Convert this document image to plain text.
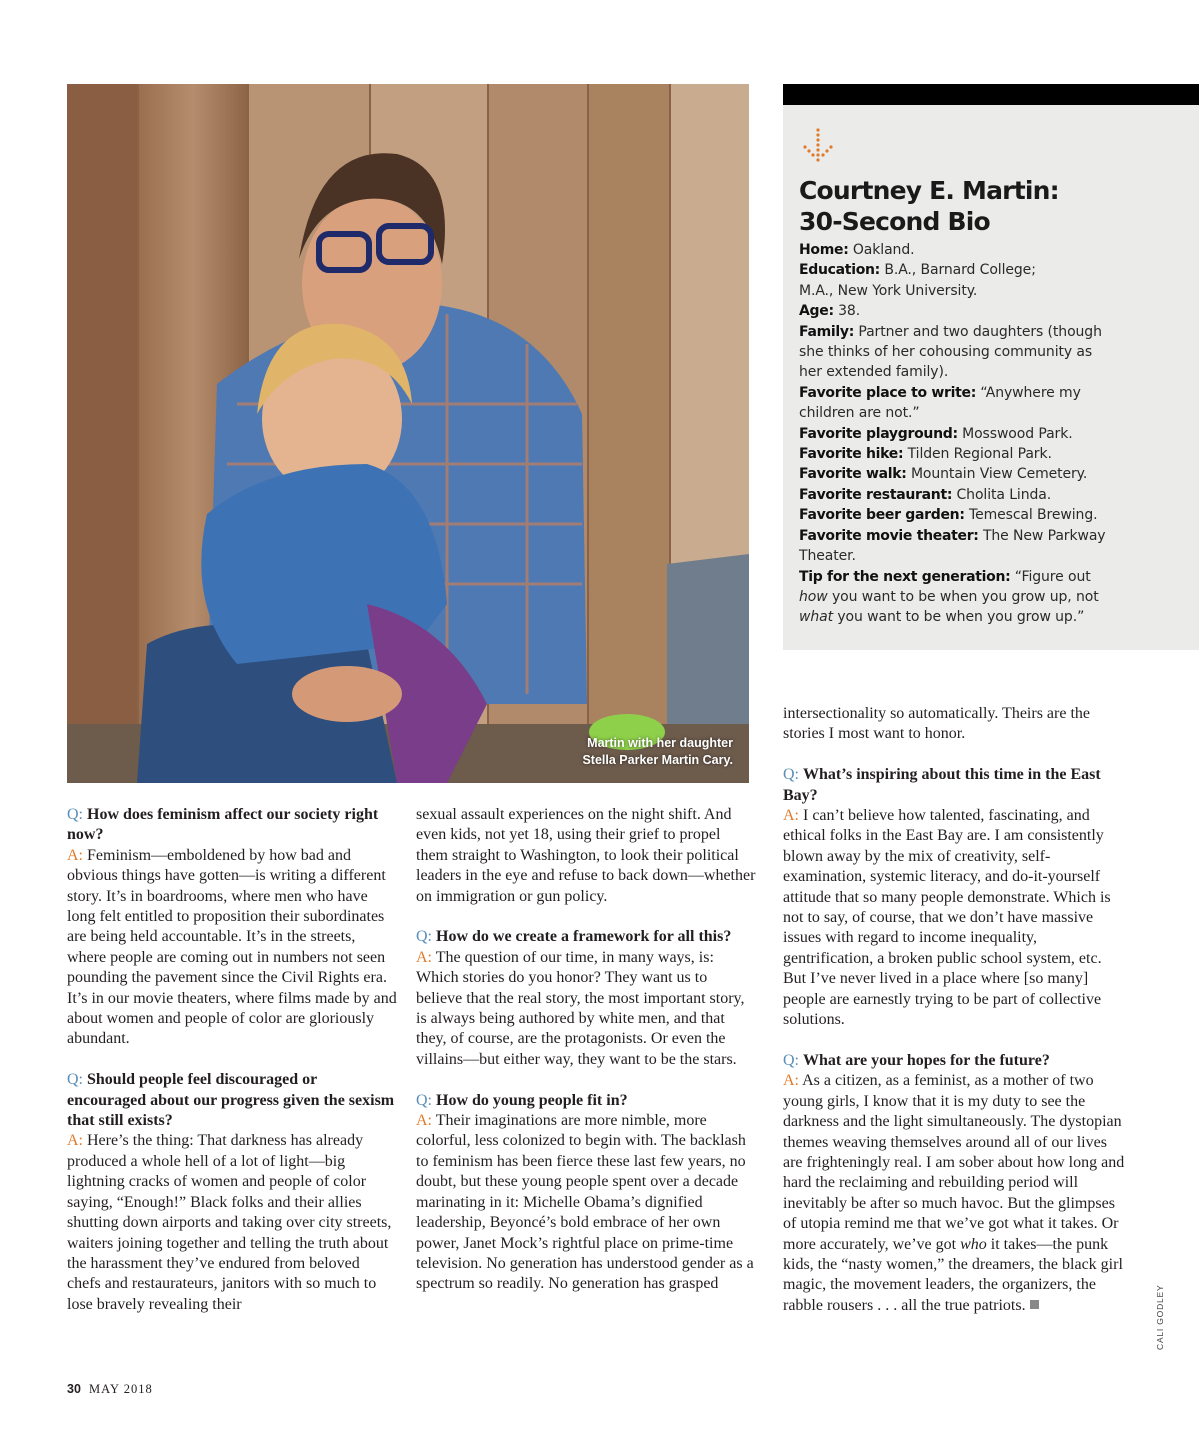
Martin with her daughter
Stella Parker Martin Cary.
Courtney E. Martin:
30-Second Bio
Home: Oakland.
Education: B.A., Barnard College; M.A., New York University.
Age: 38.
Family: Partner and two daughters (though she thinks of her cohousing community as her extended family).
Favorite place to write: “Anywhere my children are not.”
Favorite playground: Mosswood Park.
Favorite hike: Tilden Regional Park.
Favorite walk: Mountain View Cemetery.
Favorite restaurant: Cholita Linda.
Favorite beer garden: Temescal Brewing.
Favorite movie theater: The New Parkway Theater.
Tip for the next generation: “Figure out how you want to be when you grow up, not what you want to be when you grow up.”

Q: How does feminism affect our society right now?

A: Feminism—emboldened by how bad and obvious things have gotten—is writing a different story. It’s in boardrooms, where men who have long felt entitled to proposition their subordinates are being held accountable. It’s in the streets, where people are coming out in numbers not seen pounding the pavement since the Civil Rights era. It’s in our movie theaters, where films made by and about women and people of color are gloriously abundant.

Q: Should people feel discouraged or encouraged about our progress given the sexism that still exists?

A: Here’s the thing: That darkness has already produced a whole hell of a lot of light—big lightning cracks of women and people of color saying, “Enough!” Black folks and their allies shutting down airports and taking over city streets, waiters joining together and telling the truth about the harassment they’ve endured from beloved chefs and restaurateurs, janitors with so much to lose bravely revealing their

sexual assault experiences on the night shift. And even kids, not yet 18, using their grief to propel them straight to Washington, to look their political leaders in the eye and refuse to back down—whether on immigration or gun policy.

Q: How do we create a framework for all this?

A: The question of our time, in many ways, is: Which stories do you honor? They want us to believe that the real story, the most important story, is always being authored by white men, and that they, of course, are the protagonists. Or even the villains—but either way, they want to be the stars.

Q: How do young people fit in?

A: Their imaginations are more nimble, more colorful, less colonized to begin with. The backlash to feminism has been fierce these last few years, no doubt, but these young people spent over a decade marinating in it: Michelle Obama’s dignified leadership, Beyoncé’s bold embrace of her own power, Janet Mock’s rightful place on prime-time television. No generation has understood gender as a spectrum so readily. No generation has grasped

intersectionality so automatically. Theirs are the stories I most want to honor.

Q: What’s inspiring about this time in the East Bay?

A: I can’t believe how talented, fascinating, and ethical folks in the East Bay are. I am consistently blown away by the mix of creativity, self-examination, systemic literacy, and do-it-yourself attitude that so many people demonstrate. Which is not to say, of course, that we don’t have massive issues with regard to income inequality, gentrification, a broken public school system, etc. But I’ve never lived in a place where [so many] people are earnestly trying to be part of collective solutions.

Q: What are your hopes for the future?

A: As a citizen, as a feminist, as a mother of two young girls, I know that it is my duty to see the darkness and the light simultaneously. The dystopian themes weaving themselves around all of our lives are frighteningly real. I am sober about how long and hard the reclaiming and rebuilding period will inevitably be after so much havoc. But the glimpses of utopia remind me that we’ve got what it takes. Or more accurately, we’ve got who it takes—the punk kids, the “nasty women,” the dreamers, the black girl magic, the movement leaders, the organizers, the rabble rousers . . . all the true patriots.

30 MAY 2018
CALI GODLEY
